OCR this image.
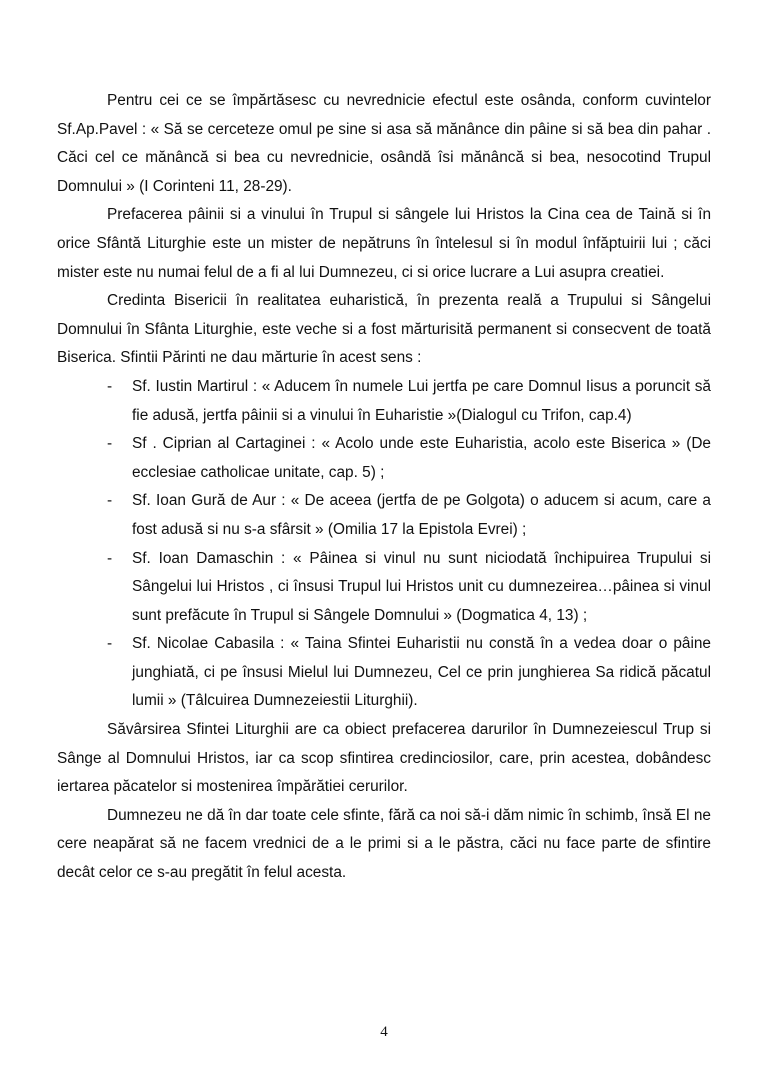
Pentru cei ce se împărtăsesc cu nevrednicie efectul este osânda, conform cuvintelor Sf.Ap.Pavel : « Să se cerceteze omul pe sine si asa să mănânce din pâine si să bea din pahar . Căci cel ce mănâncă si bea cu nevrednicie, osândă îsi mănâncă si bea, nesocotind Trupul Domnului » (I Corinteni 11, 28-29).

Prefacerea pâinii si a vinului în Trupul si sângele lui Hristos la Cina cea de Taină si în orice Sfântă Liturghie este un mister de nepătruns în întelesul si în modul înfăptuirii lui ; căci mister este nu numai felul de a fi al lui Dumnezeu, ci si orice lucrare a Lui asupra creatiei.

Credinta Bisericii în realitatea euharistică, în prezenta reală a Trupului si Sângelui Domnului în Sfânta Liturghie, este veche si a fost mărturisită permanent si consecvent de toată Biserica. Sfintii Părinti ne dau mărturie în acest sens :

- Sf. Iustin Martirul : « Aducem în numele Lui jertfa pe care Domnul Iisus a poruncit să fie adusă, jertfa pâinii si a vinului în Euharistie »(Dialogul cu Trifon, cap.4)
- Sf . Ciprian al Cartaginei : « Acolo unde este Euharistia, acolo este Biserica » (De ecclesiae catholicae unitate, cap. 5) ;
- Sf. Ioan Gură de Aur : « De aceea (jertfa de pe Golgota) o aducem si acum, care a fost adusă si nu s-a sfârsit » (Omilia 17 la Epistola Evrei) ;
- Sf. Ioan Damaschin : « Pâinea si vinul nu sunt niciodată închipuirea Trupului si Sângelui lui Hristos , ci însusi Trupul lui Hristos unit cu dumnezeirea…pâinea si vinul sunt prefăcute în Trupul si Sângele Domnului » (Dogmatica 4, 13) ;
- Sf. Nicolae Cabasila : « Taina Sfintei Euharistii nu constă în a vedea doar o pâine junghiată, ci pe însusi Mielul lui Dumnezeu, Cel ce prin junghierea Sa ridică păcatul lumii » (Tâlcuirea Dumnezeiestii Liturghii).

Săvârsirea Sfintei Liturghii are ca obiect prefacerea darurilor în Dumnezeiescul Trup si Sânge al Domnului Hristos, iar ca scop sfintirea credinciosilor, care, prin acestea, dobândesc iertarea păcatelor si mostenirea împărătiei cerurilor.

Dumnezeu ne dă în dar toate cele sfinte, fără ca noi să-i dăm nimic în schimb, însă El ne cere neapărat să ne facem vrednici de a le primi si a le păstra, căci nu face parte de sfintire decât celor ce s-au pregătit în felul acesta.

4
